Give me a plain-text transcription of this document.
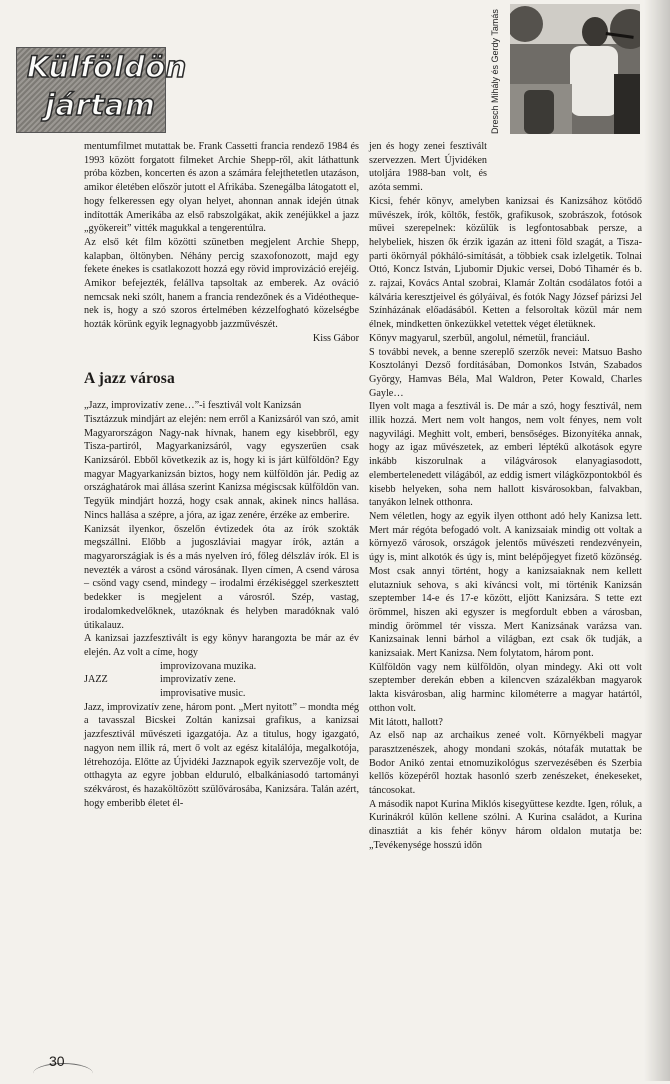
Külföldön
jártam	Dresch Mihály és Gerdy Tamás

mentumfilmet mutattak be. Frank Cassetti francia rendező 1984 és 1993 között forgatott filmeket Archie Shepp-ről, akit láthattunk próba közben, koncerten és azon a számára felejthetetlen utazáson, amikor életében először jutott el Afrikába. Szenegálba látogatott el, hogy felkeressen egy olyan helyet, ahonnan annak idején útnak indították Amerikába az első rabszolgákat, akik zenéjükkel a jazz „gyökereit” vitték magukkal a tengerentúlra.

Az első két film közötti szünetben megjelent Archie Shepp, kalapban, öltönyben. Néhány percig szaxofonozott, majd egy fekete énekes is csatlakozott hozzá egy rövid improvizáció erejéig. Amikor befejezték, felállva tapsoltak az emberek. Az ováció nemcsak neki szólt, hanem a francia rendezőnek és a Vidéotheque-nek is, hogy a szó szoros értelmében kézzelfogható közelségbe hozták körünk egyik legnagyobb jazzművészét.

Kiss Gábor

A jazz városa

„Jazz, improvizatív zene…”-i fesztivál volt Kanizsán

Tisztázzuk mindjárt az elején: nem erről a Kanizsáról van szó, amit Magyarországon Nagy-nak hívnak, hanem egy kisebbről, egy Tisza-partiról, Magyarkanizsáról, vagy egyszerűen csak Kanizsáról. Ebből következik az is, hogy ki is járt külföldön? Egy magyar Magyarkanizsán biztos, hogy nem külföldön jár. Pedig az országhatárok mai állása szerint Kanizsa mégiscsak külföldön van. Tegyük mindjárt hozzá, hogy csak annak, akinek nincs hallása. Nincs hallása a szépre, a jóra, az igaz zenére, érzéke az emberire.

Kanizsát ilyenkor, őszelőn évtizedek óta az írók szokták megszállni. Előbb a jugoszláviai magyar írók, aztán a magyarországiak is és a más nyelven író, főleg délszláv írók. El is nevezték a várost a csönd városának. Ilyen címen, A csend városa – csönd vagy csend, mindegy – irodalmi érzékiséggel szerkesztett bedekker is megjelent a városról. Szép, vastag, irodalomkedvelőknek, utazóknak és helyben maradóknak való útikalauz.

A kanizsai jazzfesztivált is egy könyv harangozta be már az év elején. Az volt a címe, hogy

improvizovana muzika.
JAZZ	improvizatív zene.
improvisative music.

Jazz, improvizatív zene, három pont. „Mert nyitott” – mondta még a tavasszal Bicskei Zoltán kanizsai grafikus, a kanizsai jazzfesztivál művészeti igazgatója. Az a titulus, hogy igazgató, nagyon nem illik rá, mert ő volt az egész kitalálója, megalkotója, létrehozója. Előtte az Újvidéki Jazznapok egyik szervezője volt, de otthagyta az egyre jobban elduruló, elbalkániasodó tartományi székvárost, és hazaköltözött szülővárosába, Kanizsára. Talán azért, hogy emberibb életet él-

jen és hogy zenei fesztivált szervezzen. Mert Újvidéken utoljára 1988-ban volt, és azóta semmi.

Kicsi, fehér könyv, amelyben kanizsai és Kanizsához kötődő művészek, írók, költők, festők, grafikusok, szobrászok, fotósok művei szerepelnek: közülük is legfontosabbak persze, a helybeliek, hiszen ők érzik igazán az itteni föld szagát, a Tisza-parti ökörnyál pókháló-simítását, a többiek csak izlelgetik. Tolnai Ottó, Koncz István, Ljubomir Djukic versei, Dobó Tihamér és b. z. rajzai, Kovács Antal szobrai, Klamár Zoltán csodálatos fotói a kálvária keresztjeivel és gólyáival, és fotók Nagy József párizsi Jel Színházának előadásából. Ketten a felsoroltak közül már nem élnek, mindketten önkezükkel vetettek véget életüknek.

Könyv magyarul, szerbül, angolul, németül, franciául.

S további nevek, a benne szereplő szerzők nevei: Matsuo Basho Kosztolányi Dezső fordításában, Domonkos István, Szabados György, Hamvas Béla, Mal Waldron, Peter Kowald, Charles Gayle…

Ilyen volt maga a fesztivál is. De már a szó, hogy fesztivál, nem illik hozzá. Mert nem volt hangos, nem volt fényes, nem volt nagyvilági. Meghitt volt, emberi, bensőséges. Bizonyítéka annak, hogy az igaz művészetek, az emberi léptékű alkotások egyre inkább kiszorulnak a világvárosok elanyagiasodott, elembertelenedett világából, az eddig ismert világközpontokból és kisebb helyeken, soha nem hallott kisvárosokban, falvakban, tanyákon lelnek otthonra.

Nem véletlen, hogy az egyik ilyen otthont adó hely Kanizsa lett. Mert már régóta befogadó volt. A kanizsaiak mindig ott voltak a környező városok, országok jelentős művészeti rendezvényein, úgy is, mint alkotók és úgy is, mint belépőjegyet fizető közönség. Most csak annyi történt, hogy a kanizsaiaknak nem kellett elutazniuk sehova, s aki kíváncsi volt, mi történik Kanizsán szeptember 14-e és 17-e között, eljött Kanizsára. S tette ezt örömmel, hiszen aki egyszer is megfordult ebben a városban, mindig örömmel tér vissza. Mert Kanizsának varázsa van. Kanizsainak lenni bárhol a világban, ezt csak ők tudják, a kanizsaiak. Mert Kanizsa. Nem folytatom, három pont.

Külföldön vagy nem külföldön, olyan mindegy. Aki ott volt szeptember derekán ebben a kilencven százalékban magyarok lakta kisvárosban, alig harminc kilométerre a magyar határtól, otthon volt.

Mit látott, hallott?

Az első nap az archaikus zeneé volt. Környékbeli magyar parasztzenészek, ahogy mondani szokás, nótafák mutattak be Bodor Anikó zentai etnomuzikológus szervezésében és Szerbia kellős közepéről hoztak hasonló szerb zenészeket, énekeseket, táncosokat.

A második napot Kurina Miklós kisegyüttese kezdte. Igen, róluk, a Kurinákról külön kellene szólni. A Kurina családot, a Kurina dinasztiát a kis fehér könyv három oldalon mutatja be: „Tevékenysége hosszú időn

30
